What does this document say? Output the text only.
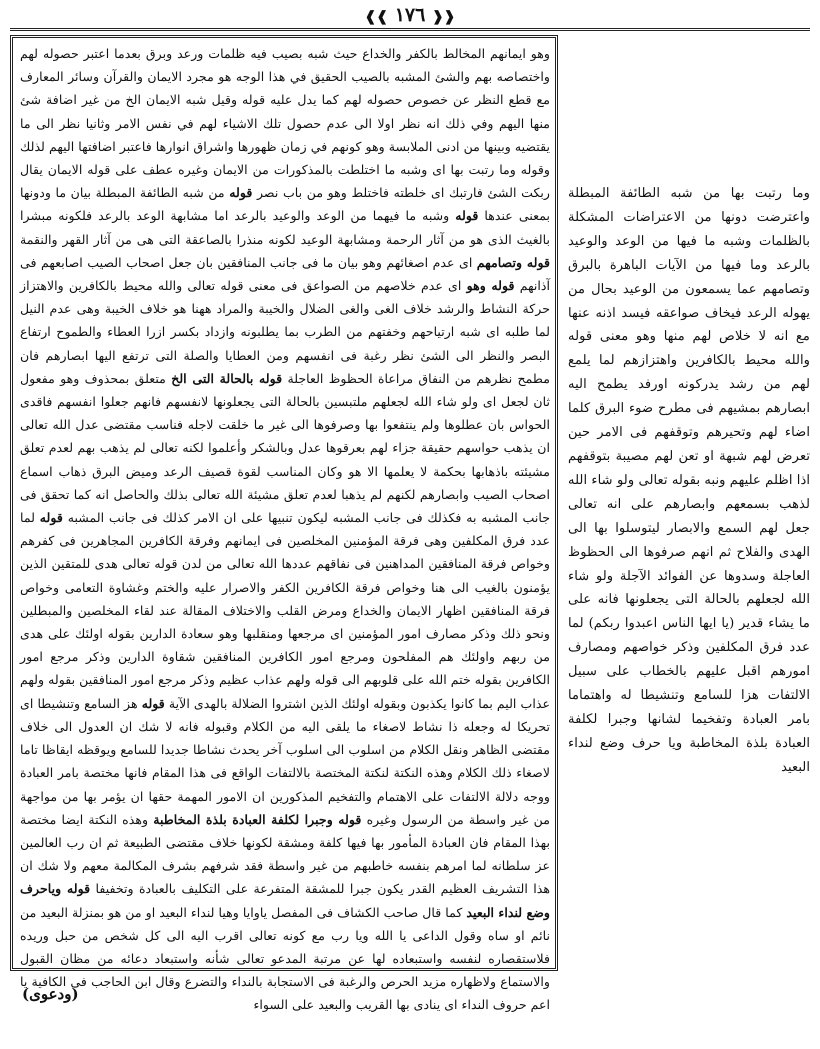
❰❰ ١٧٦ ❱❱

وهو ايمانهم المخالط بالكفر والخداع حيث شبه بصيب فيه ظلمات ورعد وبرق بعدما اعتبر حصوله لهم واختصاصه بهم والشئ المشبه بالصيب الحقيق في هذا الوجه هو مجرد الايمان والقرآن وسائر المعارف مع قطع النظر عن خصوص حصوله لهم كما يدل عليه قوله وقيل شبه الايمان الخ من غير اضافة شئ منها اليهم وفي ذلك انه نظر اولا الى عدم حصول تلك الاشياء لهم في نفس الامر وثانيا نظر الى ما يقتضيه وبينها من ادنى الملابسة وهو كونهم في زمان ظهورها واشراق انوارها فاعتبر اضافتها اليهم لذلك وقوله وما رتبت بها اى وشبه ما اختلطت بالمذكورات من الايمان وغيره عطف على قوله الايمان يقال ربكت الشئ فارتبك اى خلطته فاختلط وهو من باب نصر قوله من شبه الطائفة المبطلة بيان ما ودونها بمعنى عندها قوله وشبه ما فيهما من الوعد والوعيد بالرعد اما مشابهة الوعد بالرعد فلكونه مبشرا بالغيث الذى هو من آثار الرحمة ومشابهة الوعيد لكونه منذرا بالصاعقة التى هى من آثار القهر والنقمة قوله وتصامهم اى عدم اصغائهم وهو بيان ما فى جانب المنافقين بان جعل اصحاب الصيب اصابعهم فى آذانهم قوله وهو اى عدم خلاصهم من الصواعق فى معنى قوله تعالى والله محيط بالكافرين والاهتزاز حركة النشاط والرشد خلاف الغى والغى الضلال والخيبة والمراد ههنا هو خلاف الخيبة وهى عدم النيل لما طلبه اى شبه ارتياحهم وخفتهم من الطرب بما يطلبونه وازداد بكسر ازرا العطاء والطموح ارتفاع البصر والنظر الى الشئ نظر رغبة فى انفسهم ومن العطايا والصلة التى ترتفع اليها ابصارهم فان مطمح نظرهم من النفاق مراعاة الحظوظ العاجلة قوله بالحالة التى الخ متعلق بمحذوف وهو مفعول ثان لجعل اى ولو شاء الله لجعلهم ملتبسين بالحالة التى يجعلونها لانفسهم فانهم جعلوا انفسهم فاقدى الحواس بان عطلوها ولم ينتفعوا بها وصرفوها الى غير ما خلقت لاجله فناسب مقتضى عدل الله تعالى ان يذهب حواسهم حقيقة جزاء لهم بعرقوها عدل وبالشكر وأعلموا لكنه تعالى لم يذهب بهم لعدم تعلق مشيئته باذهابها بحكمة لا يعلمها الا هو وكان المناسب لقوة قصيف الرعد وميض البرق ذهاب اسماع اصحاب الصيب وابصارهم لكنهم لم يذهبا لعدم تعلق مشيئة الله تعالى بذلك والحاصل انه كما تحقق فى جانب المشبه به فكذلك فى جانب المشبه ليكون تنبيها على ان الامر كذلك فى جانب المشبه قوله لما عدد فرق المكلفين وهى فرقة المؤمنين المخلصين فى ايمانهم وفرقة الكافرين المجاهرين فى كفرهم وخواص فرقة المنافقين المداهنين فى نفاقهم عددها الله تعالى من لدن قوله تعالى هدى للمتقين الذين يؤمنون بالغيب الى هنا وخواص فرقة الكافرين الكفر والاصرار عليه والختم وغشاوة التعامى وخواص فرقة المنافقين اظهار الايمان والخداع ومرض القلب والاختلاف المقالة عند لقاء المخلصين والمبطلين ونحو ذلك وذكر مصارف امور المؤمنين اى مرجعها ومنقلبها وهو سعادة الدارين بقوله اولئك على هدى من ربهم واولئك هم المفلحون ومرجع امور الكافرين المنافقين شقاوة الدارين وذكر مرجع امور الكافرين بقوله ختم الله على قلوبهم الى قوله ولهم عذاب عظيم وذكر مرجع امور المنافقين بقوله ولهم عذاب اليم بما كانوا يكذبون وبقوله اولئك الذين اشتروا الضلالة بالهدى الآية قوله هز السامع وتنشيطا اى تحريكا له وجعله ذا نشاط لاصغاء ما يلقى اليه من الكلام وقبوله فانه لا شك ان العدول الى خلاف مقتضى الظاهر ونقل الكلام من اسلوب الى اسلوب آخر يحدث نشاطا جديدا للسامع ويوقظه ايقاظا تاما لاصغاء ذلك الكلام وهذه النكتة لنكتة المختصة بالالتفات الواقع فى هذا المقام فانها مختصة بامر العبادة ووجه دلالة الالتفات على الاهتمام والتفخيم المذكورين ان الامور المهمة حقها ان يؤمر بها من مواجهة من غير واسطة من الرسول وغيره قوله وجبرا لكلفة العبادة بلذة المخاطبة وهذه النكتة ايضا مختصة بهذا المقام فان العبادة المأمور بها فيها كلفة ومشقة لكونها خلاف مقتضى الطبيعة ثم ان رب العالمين عز سلطانه لما امرهم بنفسه خاطبهم من غير واسطة فقد شرفهم بشرف المكالمة معهم ولا شك ان هذا التشريف العظيم القدر يكون جبرا للمشقة المتفرعة على التكليف بالعبادة وتخفيفا قوله وياحرف وضع لنداء البعيد كما قال صاحب الكشاف فى المفصل ياوايا وهيا لنداء البعيد او من هو بمنزلة البعيد من نائم او ساه وقول الداعى يا الله ويا رب مع كونه تعالى اقرب اليه الى كل شخص من حبل وريده فلاستقصاره لنفسه واستبعاده لها عن مرتبة المدعو تعالى شأنه واستبعاد دعائه من مظان القبول والاستماع ولاظهاره مزيد الحرص والرغبة فى الاستجابة بالنداء والتضرع وقال ابن الحاجب فى الكافية يا اعم حروف النداء اى ينادى بها القريب والبعيد على السواء

وما رتبت بها من شبه الطائفة المبطلة واعترضت دونها من الاعتراضات المشكلة بالظلمات وشبه ما فيها من الوعد والوعيد بالرعد وما فيها من الآيات الباهرة بالبرق وتصامهم عما يسمعون من الوعيد بحال من يهوله الرعد فيخاف صواعقه فيسد اذنه عنها مع انه لا خلاص لهم منها وهو معنى قوله والله محيط بالكافرين واهتزازهم لما يلمع لهم من رشد يدركونه اورفد يطمح اليه ابصارهم بمشيهم فى مطرح ضوء البرق كلما اضاء لهم وتحيرهم وتوقفهم فى الامر حين تعرض لهم شبهة او تعن لهم مصيبة بتوقفهم اذا اظلم عليهم ونبه بقوله تعالى ولو شاء الله لذهب بسمعهم وابصارهم على انه تعالى جعل لهم السمع والابصار ليتوسلوا بها الى الهدى والفلاح ثم انهم صرفوها الى الحظوظ العاجلة وسدوها عن الفوائد الآجلة ولو شاء الله لجعلهم بالحالة التى يجعلونها فانه على ما يشاء قدير (يا ايها الناس اعبدوا ربكم) لما عدد فرق المكلفين وذكر خواصهم ومصارف امورهم اقبل عليهم بالخطاب على سبيل الالتفات هزا للسامع وتنشيطا له واهتماما بامر العبادة وتفخيما لشانها وجبرا لكلفة العبادة بلذة المخاطبة ويا حرف وضع لنداء البعيد

(ودعوى)
